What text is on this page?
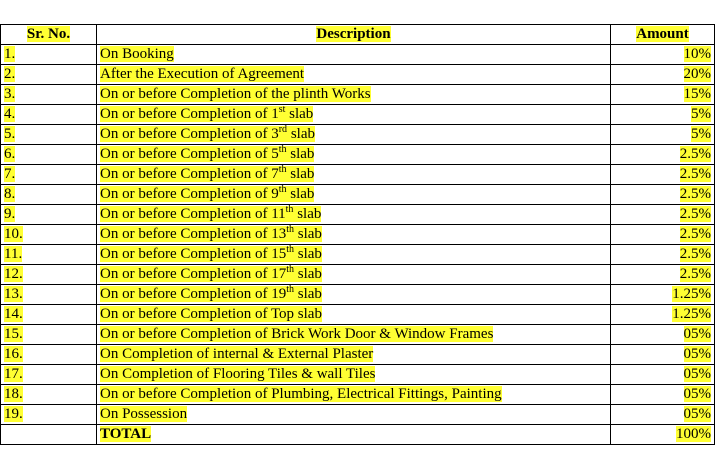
Sr. No.	Description	Amount
1.	On Booking	10%
2.	After the Execution of Agreement	20%
3.	On or before Completion of the plinth Works	15%
4.	On or before Completion of 1st slab	5%
5.	On or before Completion of 3rd slab	5%
6.	On or before Completion of 5th slab	2.5%
7.	On or before Completion of 7th slab	2.5%
8.	On or before Completion of 9th slab	2.5%
9.	On or before Completion of 11th slab	2.5%
10.	On or before Completion of 13th slab	2.5%
11.	On or before Completion of 15th slab	2.5%
12.	On or before Completion of 17th slab	2.5%
13.	On or before Completion of 19th slab	1.25%
14.	On or before Completion of Top slab	1.25%
15.	On or before Completion of Brick Work Door & Window Frames	05%
16.	On Completion of internal & External Plaster	05%
17.	On Completion of Flooring Tiles & wall Tiles	05%
18.	On or before Completion of Plumbing, Electrical Fittings, Painting	05%
19.	On Possession	05%
	TOTAL	100%
